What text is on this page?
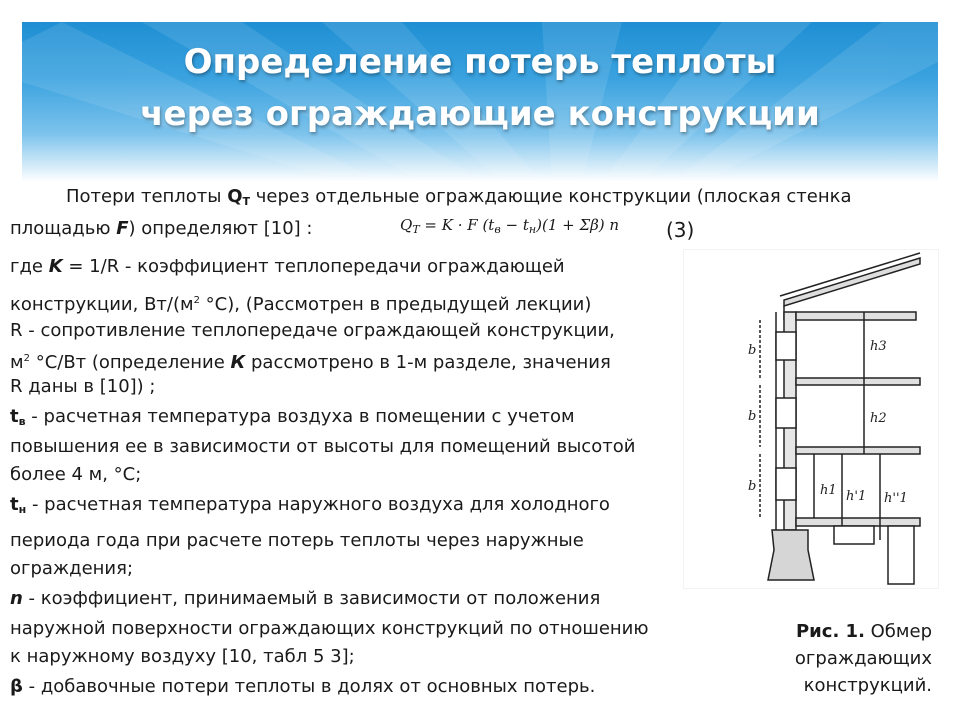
Определение потерь теплоты
через ограждающие конструкции
Потери теплоты $Q_Т$ через отдельные ограждающие конструкции (плоская стенка
площадью F) определяют [10] :	$Q_T = K \cdot F$ $(t_в - t_н)(1 + \Sigma\beta)$ n (3)
где K = 1/R - коэффициент теплопередачи ограждающей
конструкции, $Вт/(м^2$ °С), (Рассмотрен в предыдущей лекции)
R - сопротивление теплопередаче ограждающей конструкции,
$м^2$ °С/Вт (определение К рассмотрено в 1-м разделе, значения
R даны в [10]) ;
$t_в$ - расчетная температура воздуха в помещении с учетом
повышения ее в зависимости от высоты для помещений высотой
более 4 м, °С;
$t_н$ - расчетная температура наружного воздуха для холодного
периода года при расчете потерь теплоты через наружные
ограждения;
n - коэффициент, принимаемый в зависимости от положения
наружной поверхности ограждающих конструкций по отношению
к наружному воздуху [10, табл 5 3];
β - добавочные потери теплоты в долях от основных потерь.
b
b
b
h3
h2
h1 h'1 h''1
Рис. 1. Обмер
ограждающих
конструкций.
